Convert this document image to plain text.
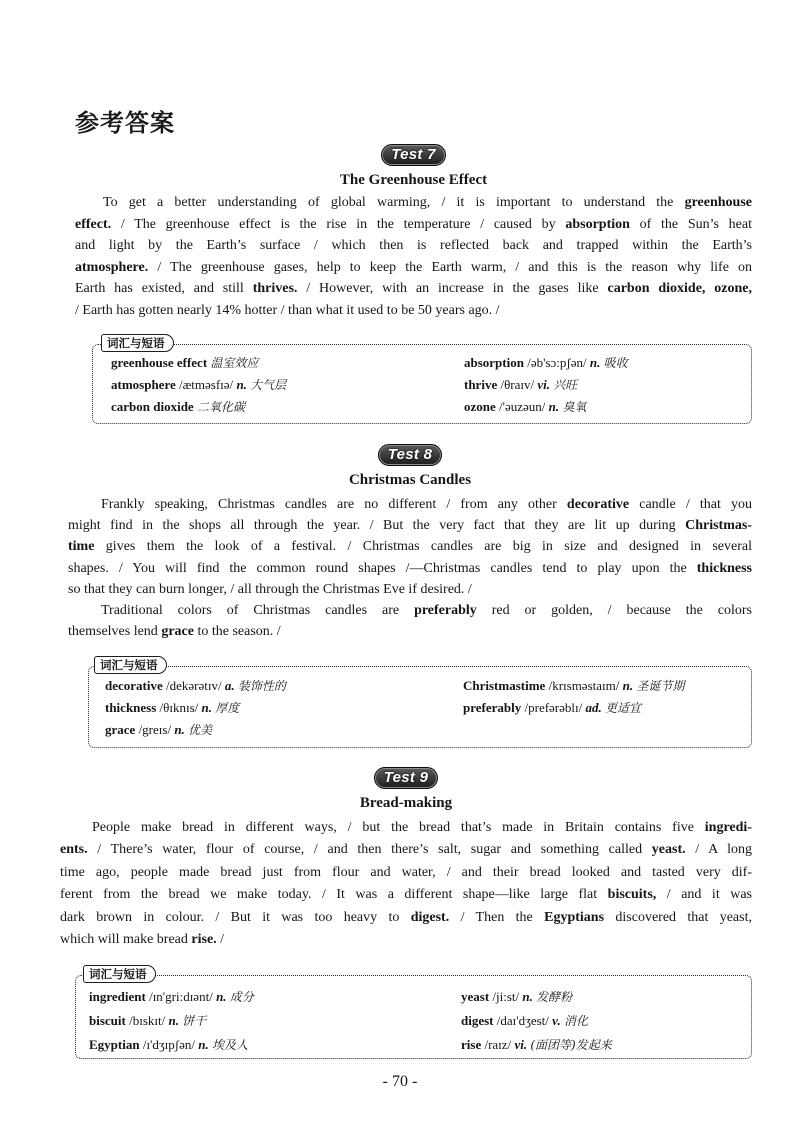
参考答案
Test 7
The Greenhouse Effect
To get a better understanding of global warming, / it is important to understand the greenhouse
effect. / The greenhouse effect is the rise in the temperature / caused by absorption of the Sun’s heat
and light by the Earth’s surface / which then is reflected back and trapped within the Earth’s
atmosphere. / The greenhouse gases, help to keep the Earth warm, / and this is the reason why life on
Earth has existed, and still thrives. / However, with an increase in the gases like carbon dioxide, ozone,
/ Earth has gotten nearly 14% hotter / than what it used to be 50 years ago. /
词汇与短语
greenhouse effect 温室效应
atmosphere /ætməsfɪə/ n. 大气层
carbon dioxide 二氧化碳
absorption /əb'sɔ:pʃən/ n. 吸收
thrive /θraɪv/ vi. 兴旺
ozone /'əuzəun/ n. 臭氧
Test 8
Christmas Candles
Frankly speaking, Christmas candles are no different / from any other decorative candle / that you
might find in the shops all through the year. / But the very fact that they are lit up during Christmas-
time gives them the look of a festival. / Christmas candles are big in size and designed in several
shapes. / You will find the common round shapes /—Christmas candles tend to play upon the thickness
so that they can burn longer, / all through the Christmas Eve if desired. /
Traditional colors of Christmas candles are preferably red or golden, / because the colors
themselves lend grace to the season. /
词汇与短语
decorative /dekərətɪv/ a. 装饰性的
thickness /θɪknɪs/ n. 厚度
grace /greɪs/ n. 优美
Christmastime /krɪsməstaɪm/ n. 圣诞节期
preferably /prefərəblɪ/ ad. 更适宜
Test 9
Bread-making
People make bread in different ways, / but the bread that’s made in Britain contains five ingredi-
ents. / There’s water, flour of course, / and then there’s salt, sugar and something called yeast. / A long
time ago, people made bread just from flour and water, / and their bread looked and tasted very dif-
ferent from the bread we make today. / It was a different shape—like large flat biscuits, / and it was
dark brown in colour. / But it was too heavy to digest. / Then the Egyptians discovered that yeast,
which will make bread rise. /
词汇与短语
ingredient /ɪn'gri:dɪənt/ n. 成分
biscuit /bɪskɪt/ n. 饼干
Egyptian /ɪ'dʒɪpʃən/ n. 埃及人
yeast /ji:st/ n. 发酵粉
digest /daɪ'dʒest/ v. 消化
rise /raɪz/ vi. (面团等)发起来
- 70 -
